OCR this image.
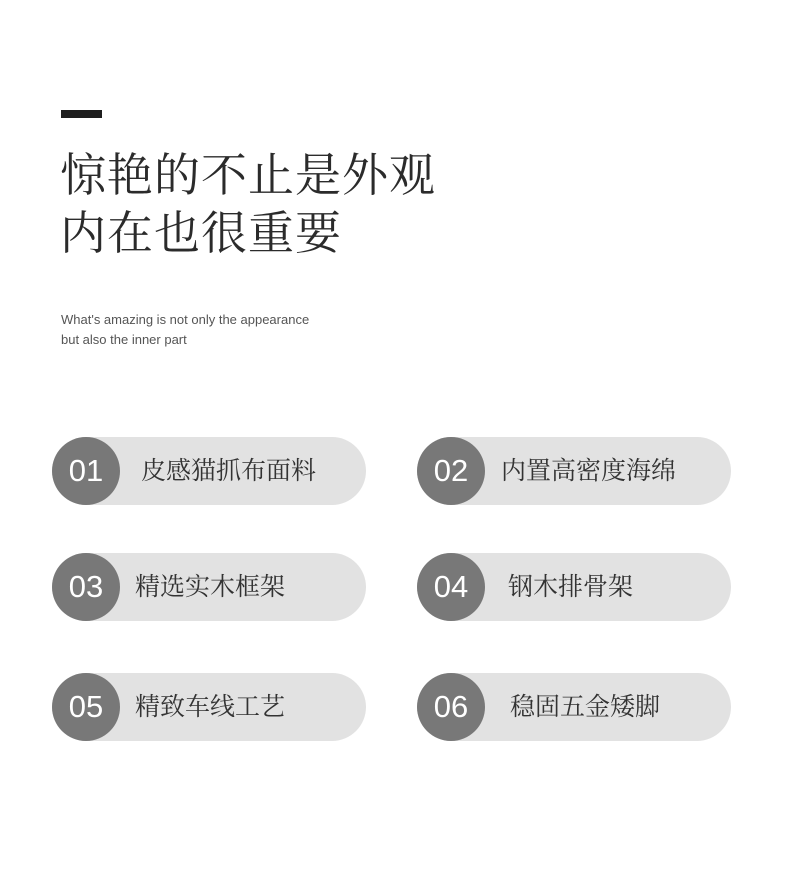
惊艳的不止是外观
内在也很重要
What's amazing is not only the appearance
but also the inner part
01	皮感猫抓布面料	02	内置高密度海绵
03	精选实木框架	04	钢木排骨架
05	精致车线工艺	06	稳固五金矮脚
